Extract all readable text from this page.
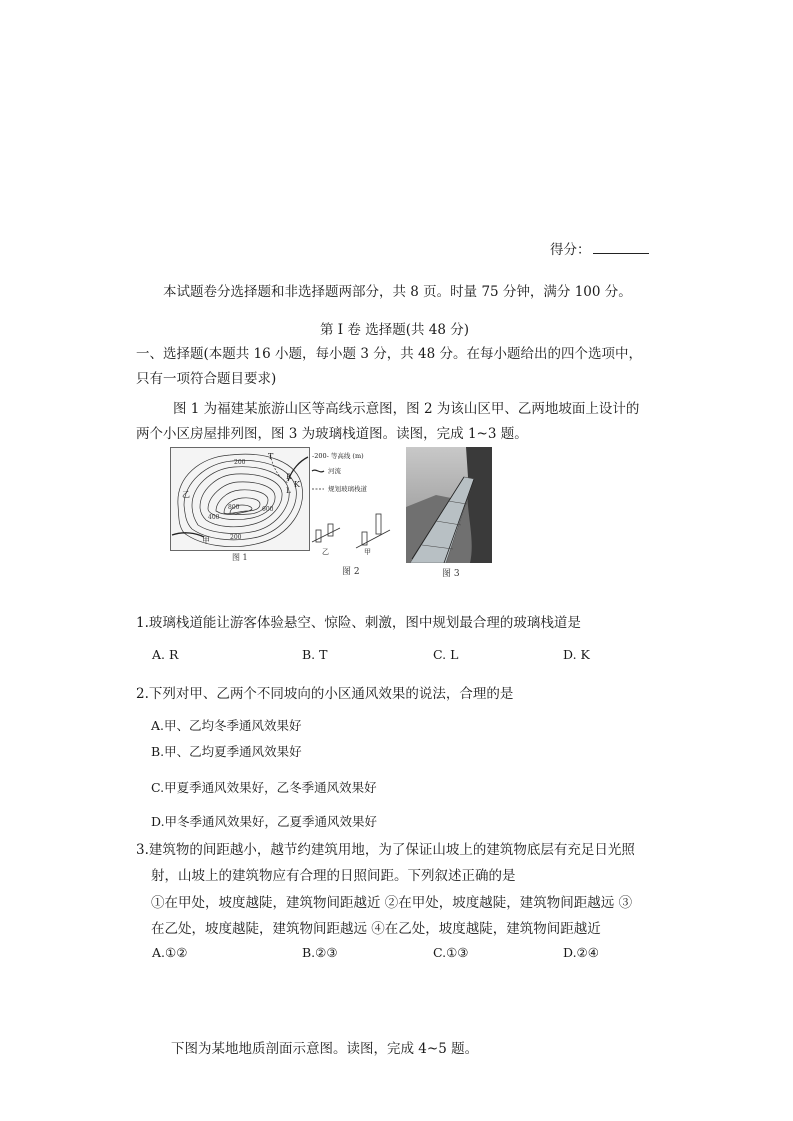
得分：
本试题卷分选择题和非选择题两部分，共 8 页。时量 75 分钟，满分 100 分。
第 I 卷 选择题(共 48 分)
一、选择题(本题共 16 小题，每小题 3 分，共 48 分。在每小题给出的四个选项中，
只有一项符合题目要求)
图 1 为福建某旅游山区等高线示意图，图 2 为该山区甲、乙两地坡面上设计的
两个小区房屋排列图，图 3 为玻璃栈道图。读图，完成 1~3 题。
T
K
R
L
乙
甲
200
200
400
600
800
图 1
-200- 等高线 (m)
河流
规划玻璃栈道
乙	甲
图 2	图 3
1.玻璃栈道能让游客体验悬空、惊险、刺激，图中规划最合理的玻璃栈道是
A. R	B. T	C. L	D. K
2.下列对甲、乙两个不同坡向的小区通风效果的说法，合理的是
A.甲、乙均冬季通风效果好
B.甲、乙均夏季通风效果好
C.甲夏季通风效果好，乙冬季通风效果好
D.甲冬季通风效果好，乙夏季通风效果好
3.建筑物的间距越小，越节约建筑用地，为了保证山坡上的建筑物底层有充足日光照
射，山坡上的建筑物应有合理的日照间距。下列叙述正确的是
①在甲处，坡度越陡，建筑物间距越近 ②在甲处，坡度越陡，建筑物间距越远 ③
在乙处，坡度越陡，建筑物间距越远 ④在乙处，坡度越陡，建筑物间距越近
A.①②	B.②③	C.①③	D.②④
下图为某地地质剖面示意图。读图，完成 4~5 题。
